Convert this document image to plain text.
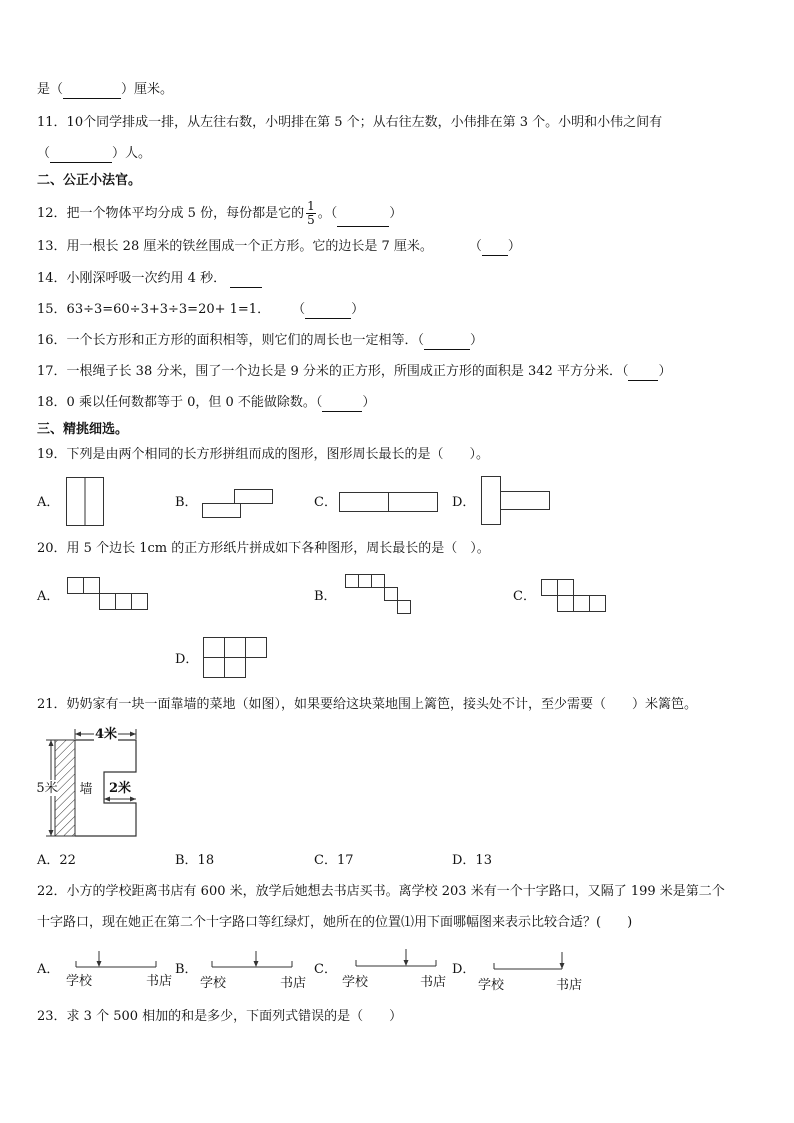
是（	）厘米。
11．10个同学排成一排，从左往右数，小明排在第 5 个；从右往左数，小伟排在第 3 个。小明和小伟之间有
（	）人。
二、公正小法官。
12．把一个物体平均分成 5 份，每份都是它的 $\frac{1}{5}$ 。（	）
13．用一根长 28 厘米的铁丝围成一个正方形。它的边长是 7 厘米。	（ ）
14．小刚深呼吸一次约用 4 秒．
15．63÷3=60÷3+3÷3=20+ 1=1． （	）
16．一个长方形和正方形的面积相等，则它们的周长也一定相等．（	）
17．一根绳子长 38 分米，围了一个边长是 9 分米的正方形，所围成正方形的面积是 342 平方分米．（ ）
18．0 乘以任何数都等于 0，但 0 不能做除数。（	）
三、精挑细选。
19．下列是由两个相同的长方形拼组而成的图形，图形周长最长的是（　　）。
A．	B．	C．	D．
20．用 5 个边长 1cm 的正方形纸片拼成如下各种图形，周长最长的是（　）。
A．	B．	C．
D．
21．奶奶家有一块一面靠墙的菜地（如图），如果要给这块菜地围上篱笆，接头处不计，至少需要（　　）米篱笆。
4米
5米 墙 2米
A．22	B．18	C．17	D．13
22．小方的学校距离书店有 600 米，放学后她想去书店买书。离学校 203 米有一个十字路口，又隔了 199 米是第二个
十字路口，现在她正在第二个十字路口等红绿灯，她所在的位置⑴用下面哪幅图来表示比较合适？(　　)
A．
学校	书店
B．
学校	书店
C．
学校	书店
D．
学校	书店
23．求 3 个 500 相加的和是多少，下面列式错误的是（　　）
